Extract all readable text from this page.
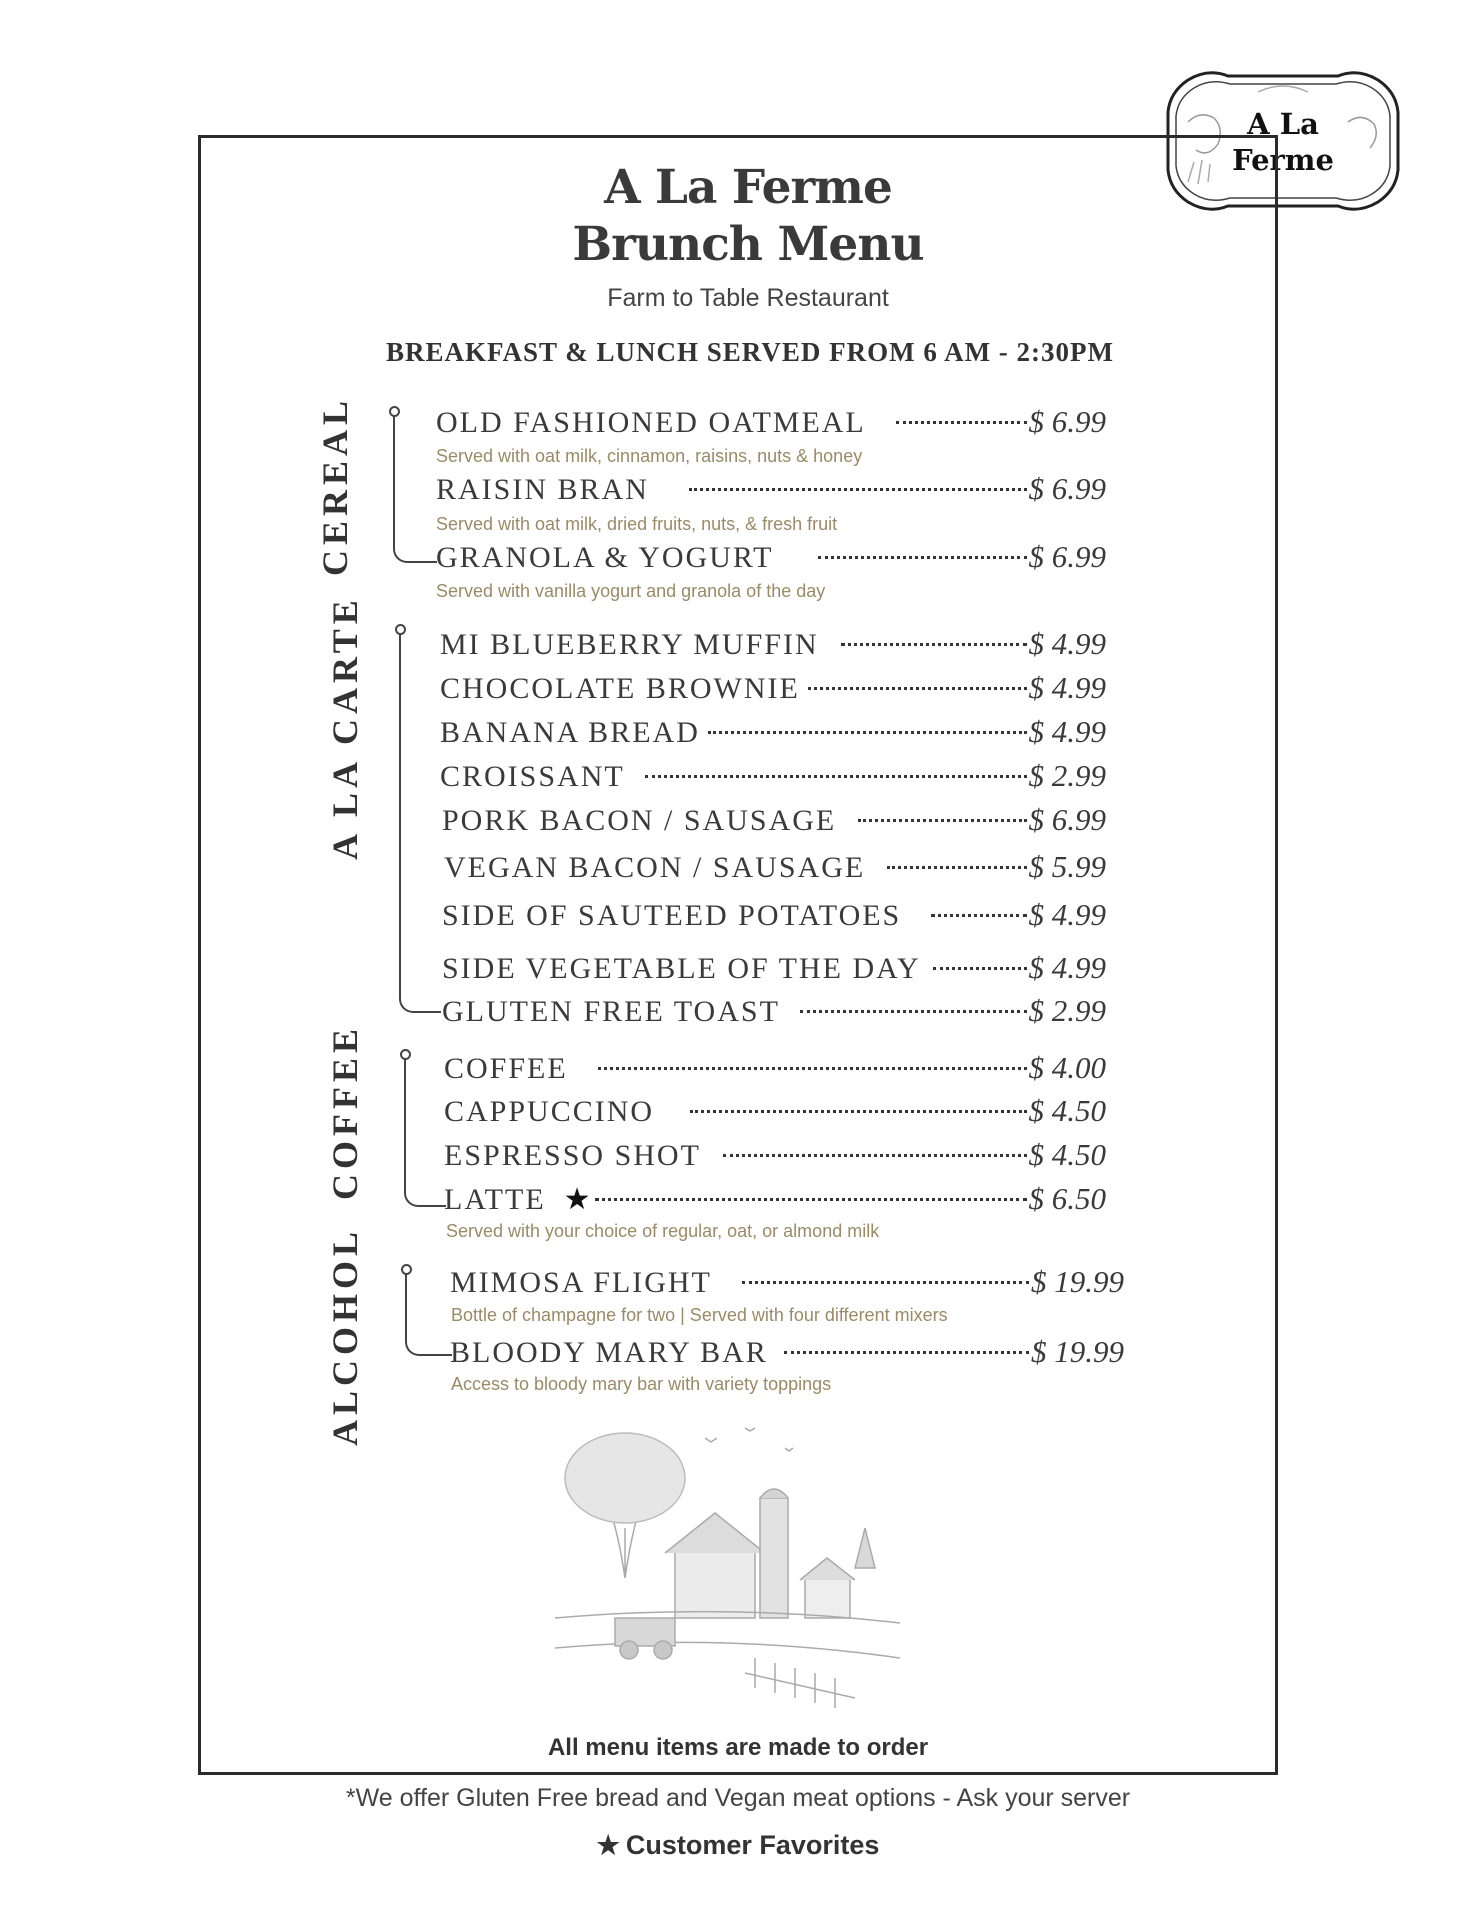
A La
Ferme
A La Ferme
Brunch Menu
Farm to Table Restaurant
BREAKFAST & LUNCH SERVED FROM 6 AM - 2:30PM
CEREAL	OLD FASHIONED OATMEAL	$ 6.99
Served with oat milk, cinnamon, raisins, nuts & honey
RAISIN BRAN	$ 6.99
Served with oat milk, dried fruits, nuts, & fresh fruit
GRANOLA & YOGURT	$ 6.99
Served with vanilla yogurt and granola of the day
A LA CARTE	MI BLUEBERRY MUFFIN	$ 4.99
CHOCOLATE BROWNIE	$ 4.99
BANANA BREAD	$ 4.99
CROISSANT	$ 2.99
PORK BACON / SAUSAGE	$ 6.99
VEGAN BACON / SAUSAGE	$ 5.99
SIDE OF SAUTEED POTATOES	$ 4.99
SIDE VEGETABLE OF THE DAY	$ 4.99
GLUTEN FREE TOAST	$ 2.99
COFFEE	COFFEE	$ 4.00
CAPPUCCINO	$ 4.50
ESPRESSO SHOT	$ 4.50
LATTE ★	$ 6.50
Served with your choice of regular, oat, or almond milk
ALCOHOL	MIMOSA FLIGHT	$ 19.99
Bottle of champagne for two | Served with four different mixers
BLOODY MARY BAR	$ 19.99
Access to bloody mary bar with variety toppings
All menu items are made to order
*We offer Gluten Free bread and Vegan meat options - Ask your server
★ Customer Favorites
